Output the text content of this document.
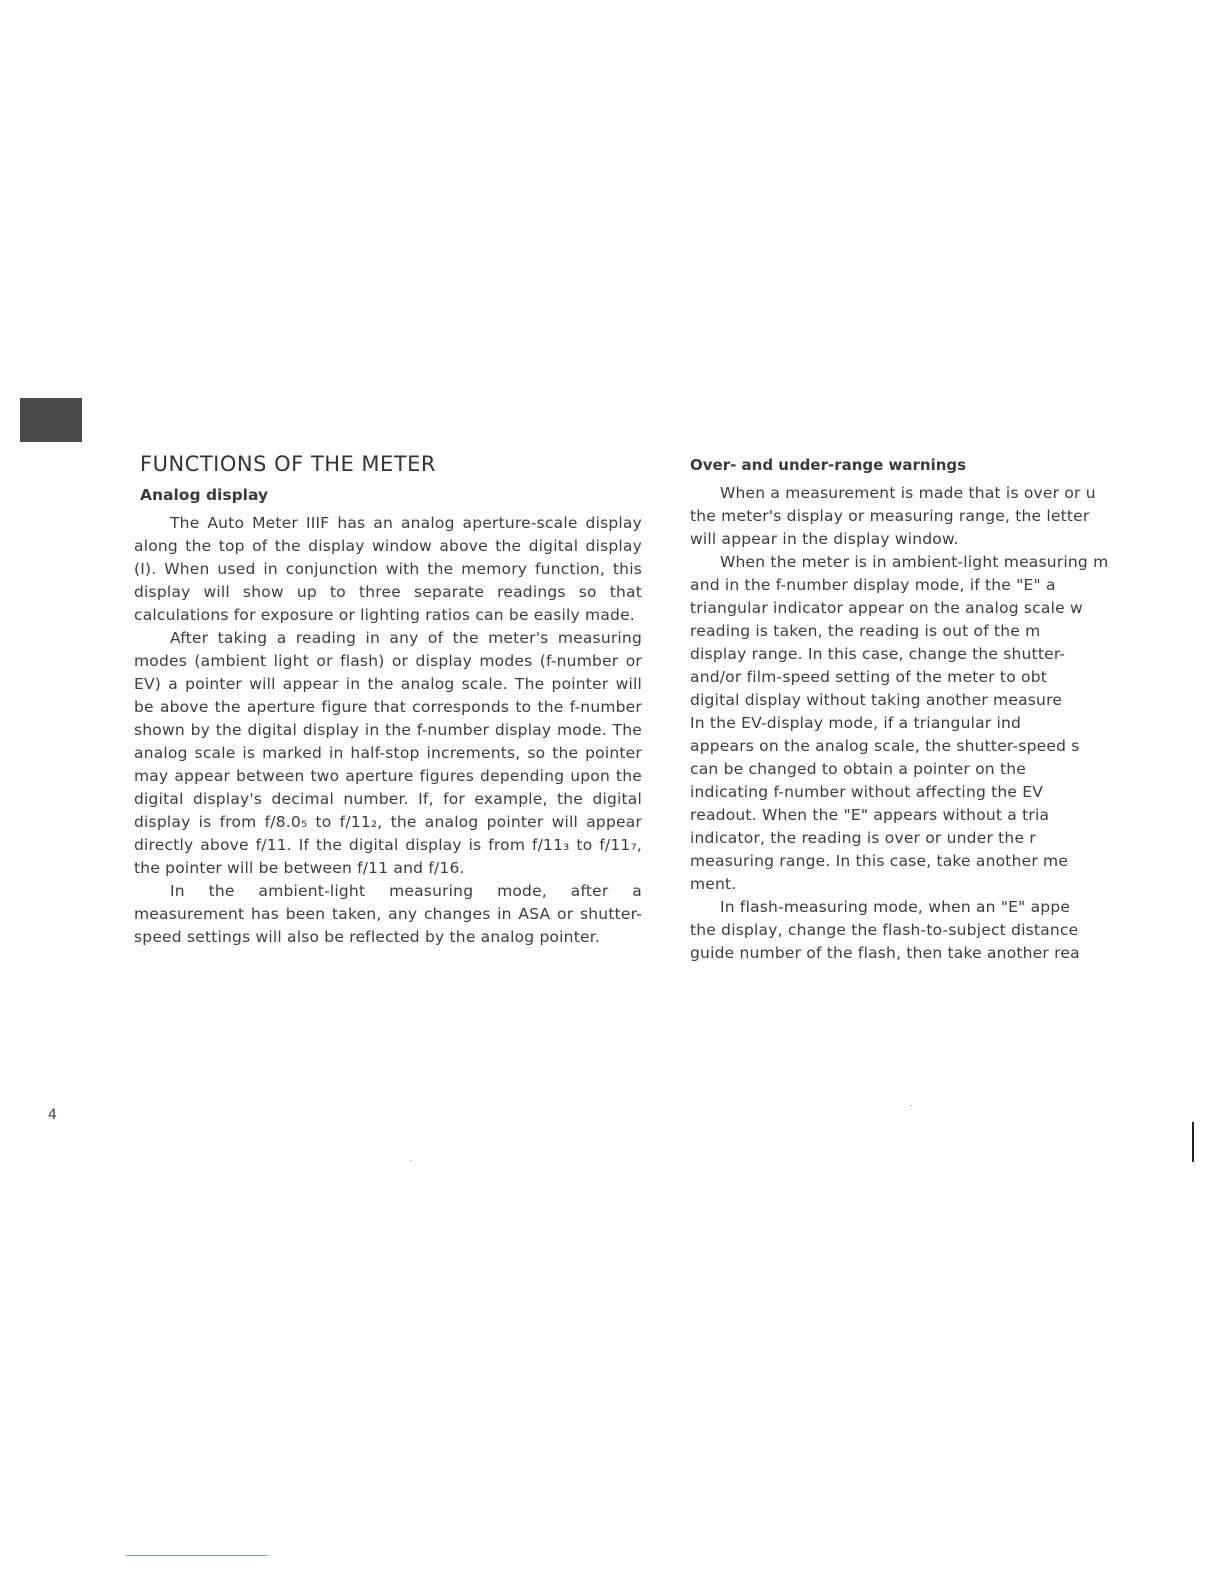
FUNCTIONS OF THE METER
Analog display

The Auto Meter IIIF has an analog aperture-scale display along the top of the display window above the digital display (I). When used in conjunction with the memory function, this display will show up to three separate readings so that calculations for exposure or lighting ratios can be easily made.

After taking a reading in any of the meter's measuring modes (ambient light or flash) or display modes (f-number or EV) a pointer will appear in the analog scale. The pointer will be above the aperture figure that corresponds to the f-number shown by the digital display in the f-number display mode. The analog scale is marked in half-stop increments, so the pointer may appear between two aperture figures depending upon the digital display's decimal number. If, for example, the digital display is from f/8.0₅ to f/11₂, the analog pointer will appear directly above f/11. If the digital display is from f/11₃ to f/11₇, the pointer will be between f/11 and f/16.

In the ambient-light measuring mode, after a measurement has been taken, any changes in ASA or shutter-speed settings will also be reflected by the analog pointer.

Over- and under-range warnings
When a measurement is made that is over or u
the meter's display or measuring range, the letter
will appear in the display window.
When the meter is in ambient-light measuring m
and in the f-number display mode, if the "E" a
triangular indicator appear on the analog scale w
reading is taken, the reading is out of the m
display range. In this case, change the shutter-
and/or film-speed setting of the meter to obt
digital display without taking another measure
In the EV-display mode, if a triangular ind
appears on the analog scale, the shutter-speed s
can be changed to obtain a pointer on the
indicating f-number without affecting the EV
readout. When the "E" appears without a tria
indicator, the reading is over or under the r
measuring range. In this case, take another me
ment.
In flash-measuring mode, when an "E" appe
the display, change the flash-to-subject distance
guide number of the flash, then take another rea
4
